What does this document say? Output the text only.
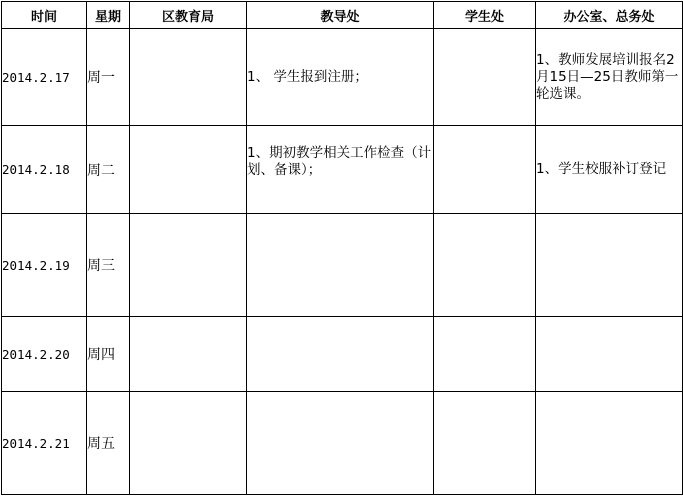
时间	星期	区教育局	教导处	学生处	办公室、总务处
2014.2.17	周一		1、 学生报到注册；		1、教师发展培训报名2月15日—25日教师第一轮选课。

2014.2.18	周二		1、期初教学相关工作检查（计划、备课）；		1、学生校服补订登记

2014.2.19	周三				
2014.2.20	周四				
2014.2.21	周五				
